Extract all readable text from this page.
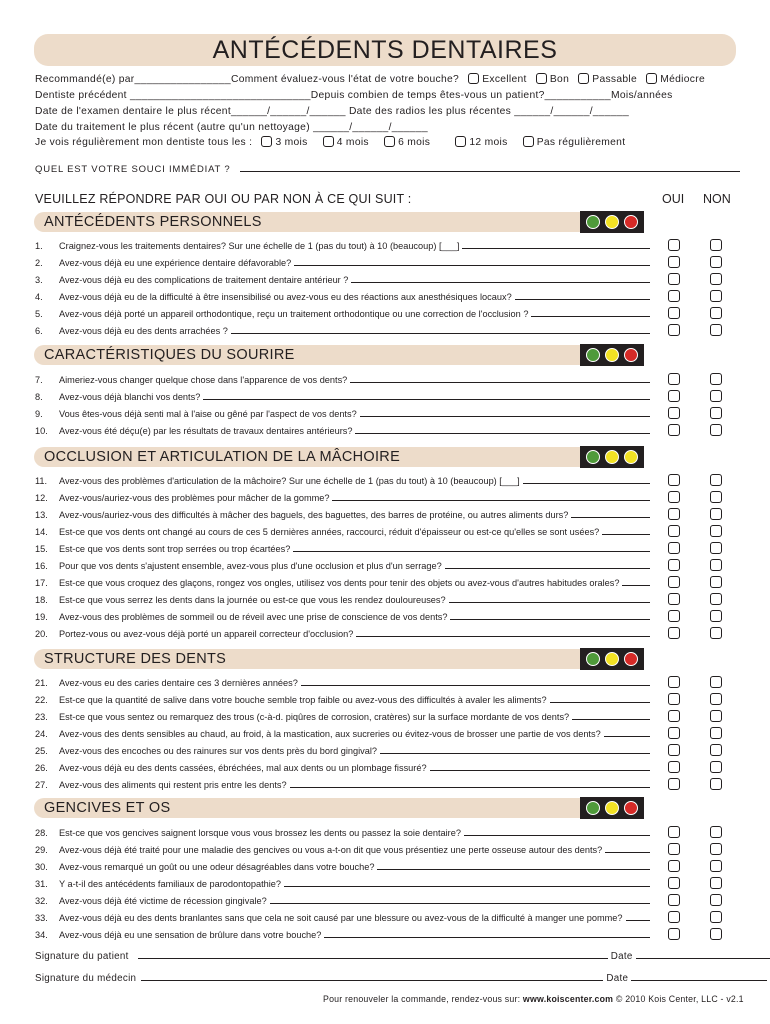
ANTÉCÉDENTS DENTAIRES
Recommandé(e) par________________Comment évaluez-vous l'état de votre bouche? Excellent Bon Passable Médiocre
Dentiste précédent ______________________________Depuis combien de temps êtes-vous un patient?___________Mois/années
Date de l'examen dentaire le plus récent______/______/______ Date des radios les plus récentes ______/______/______
Date du traitement le plus récent (autre qu'un nettoyage) ______/______/______
Je vois régulièrement mon dentiste tous les : 3 mois	4 mois	6 mois	12 mois	Pas régulièrement
QUEL EST VOTRE SOUCI IMMÉDIAT ?
VEUILLEZ RÉPONDRE PAR OUI OU PAR NON À CE QUI SUIT :	OUI NON
ANTÉCÉDENTS PERSONNELS
1. Craignez-vous les traitements dentaires? Sur une échelle de 1 (pas du tout) à 10 (beaucoup) [___]
2. Avez-vous déjà eu une expérience dentaire défavorable?
3. Avez-vous déjà eu des complications de traitement dentaire antérieur ?
4. Avez-vous déjà eu de la difficulté à être insensibilisé ou avez-vous eu des réactions aux anesthésiques locaux?
5. Avez-vous déjà porté un appareil orthodontique, reçu un traitement orthodontique ou une correction de l'occlusion ?
6. Avez-vous déjà eu des dents arrachées ?
CARACTÉRISTIQUES DU SOURIRE
7. Aimeriez-vous changer quelque chose dans l'apparence de vos dents?
8. Avez-vous déjà blanchi vos dents?
9. Vous êtes-vous déjà senti mal à l'aise ou gêné par l'aspect de vos dents?
10. Avez-vous été déçu(e) par les résultats de travaux dentaires antérieurs?
OCCLUSION ET ARTICULATION DE LA MÂCHOIRE
11. Avez-vous des problèmes d'articulation de la mâchoire? Sur une échelle de 1 (pas du tout) à 10 (beaucoup) [___]
12. Avez-vous/auriez-vous des problèmes pour mâcher de la gomme?
13. Avez-vous/auriez-vous des difficultés à mâcher des baguels, des baguettes, des barres de protéine, ou autres aliments durs?
14. Est-ce que vos dents ont changé au cours de ces 5 dernières années, raccourci, réduit d'épaisseur ou est-ce qu'elles se sont usées?
15. Est-ce que vos dents sont trop serrées ou trop écartées?
16. Pour que vos dents s'ajustent ensemble, avez-vous plus d'une occlusion et plus d'un serrage?
17. Est-ce que vous croquez des glaçons, rongez vos ongles, utilisez vos dents pour tenir des objets ou avez-vous d'autres habitudes orales?
18. Est-ce que vous serrez les dents dans la journée ou est-ce que vous les rendez douloureuses?
19. Avez-vous des problèmes de sommeil ou de réveil avec une prise de conscience de vos dents?
20. Portez-vous ou avez-vous déjà porté un appareil correcteur d'occlusion?
STRUCTURE DES DENTS
21. Avez-vous eu des caries dentaire ces 3 dernières années?
22. Est-ce que la quantité de salive dans votre bouche semble trop faible ou avez-vous des difficultés à avaler les aliments?
23. Est-ce que vous sentez ou remarquez des trous (c-à-d. piqûres de corrosion, cratères) sur la surface mordante de vos dents?
24. Avez-vous des dents sensibles au chaud, au froid, à la mastication, aux sucreries ou évitez-vous de brosser une partie de vos dents?
25. Avez-vous des encoches ou des rainures sur vos dents près du bord gingival?
26. Avez-vous déjà eu des dents cassées, ébréchées, mal aux dents ou un plombage fissuré?
27. Avez-vous des aliments qui restent pris entre les dents?
GENCIVES ET OS
28. Est-ce que vos gencives saignent lorsque vous vous brossez les dents ou passez la soie dentaire?
29. Avez-vous déjà été traité pour une maladie des gencives ou vous a-t-on dit que vous présentiez une perte osseuse autour des dents?
30. Avez-vous remarqué un goût ou une odeur désagréables dans votre bouche?
31. Y a-t-il des antécédents familiaux de parodontopathie?
32. Avez-vous déjà été victime de récession gingivale?
33. Avez-vous déjà eu des dents branlantes sans que cela ne soit causé par une blessure ou avez-vous de la difficulté à manger une pomme?
34. Avez-vous déjà eu une sensation de brûlure dans votre bouche?
Signature du patient	Date
Signature du médecin	Date
Pour renouveler la commande, rendez-vous sur: www.koiscenter.com © 2010 Kois Center, LLC - v2.1
